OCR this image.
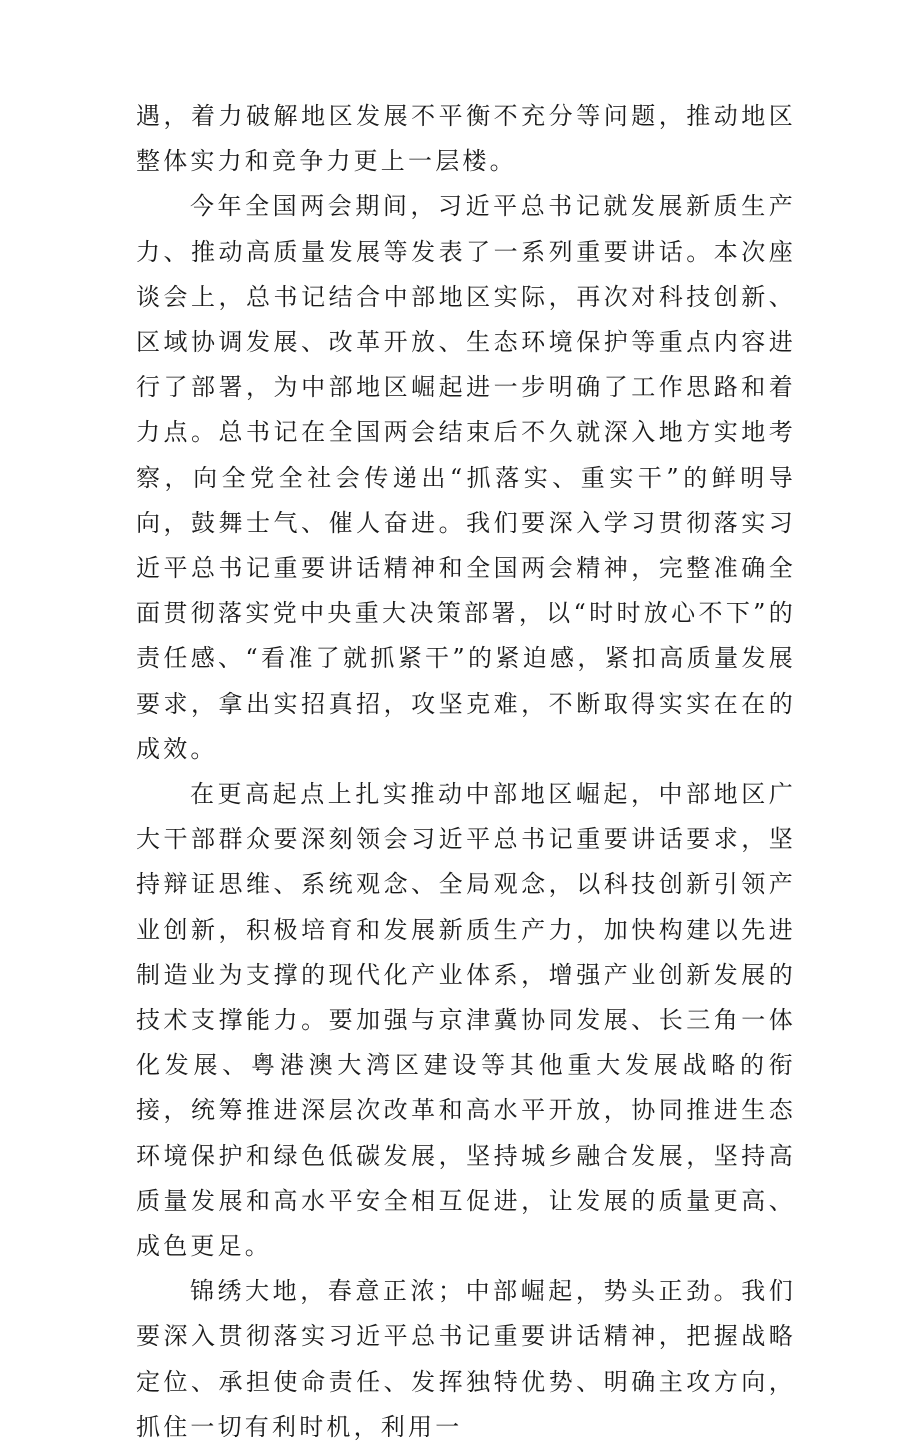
遇，着力破解地区发展不平衡不充分等问题，推动地区整体实力和竞争力更上一层楼。

今年全国两会期间，习近平总书记就发展新质生产力、推动高质量发展等发表了一系列重要讲话。本次座谈会上，总书记结合中部地区实际，再次对科技创新、区域协调发展、改革开放、生态环境保护等重点内容进行了部署，为中部地区崛起进一步明确了工作思路和着力点。总书记在全国两会结束后不久就深入地方实地考察，向全党全社会传递出“抓落实、重实干”的鲜明导向，鼓舞士气、催人奋进。我们要深入学习贯彻落实习近平总书记重要讲话精神和全国两会精神，完整准确全面贯彻落实党中央重大决策部署，以“时时放心不下”的责任感、“看准了就抓紧干”的紧迫感，紧扣高质量发展要求，拿出实招真招，攻坚克难，不断取得实实在在的成效。

在更高起点上扎实推动中部地区崛起，中部地区广大干部群众要深刻领会习近平总书记重要讲话要求，坚持辩证思维、系统观念、全局观念，以科技创新引领产业创新，积极培育和发展新质生产力，加快构建以先进制造业为支撑的现代化产业体系，增强产业创新发展的技术支撑能力。要加强与京津冀协同发展、长三角一体化发展、粤港澳大湾区建设等其他重大发展战略的衔接，统筹推进深层次改革和高水平开放，协同推进生态环境保护和绿色低碳发展，坚持城乡融合发展，坚持高质量发展和高水平安全相互促进，让发展的质量更高、成色更足。

锦绣大地，春意正浓；中部崛起，势头正劲。我们要深入贯彻落实习近平总书记重要讲话精神，把握战略定位、承担使命责任、发挥独特优势、明确主攻方向，抓住一切有利时机，利用一
